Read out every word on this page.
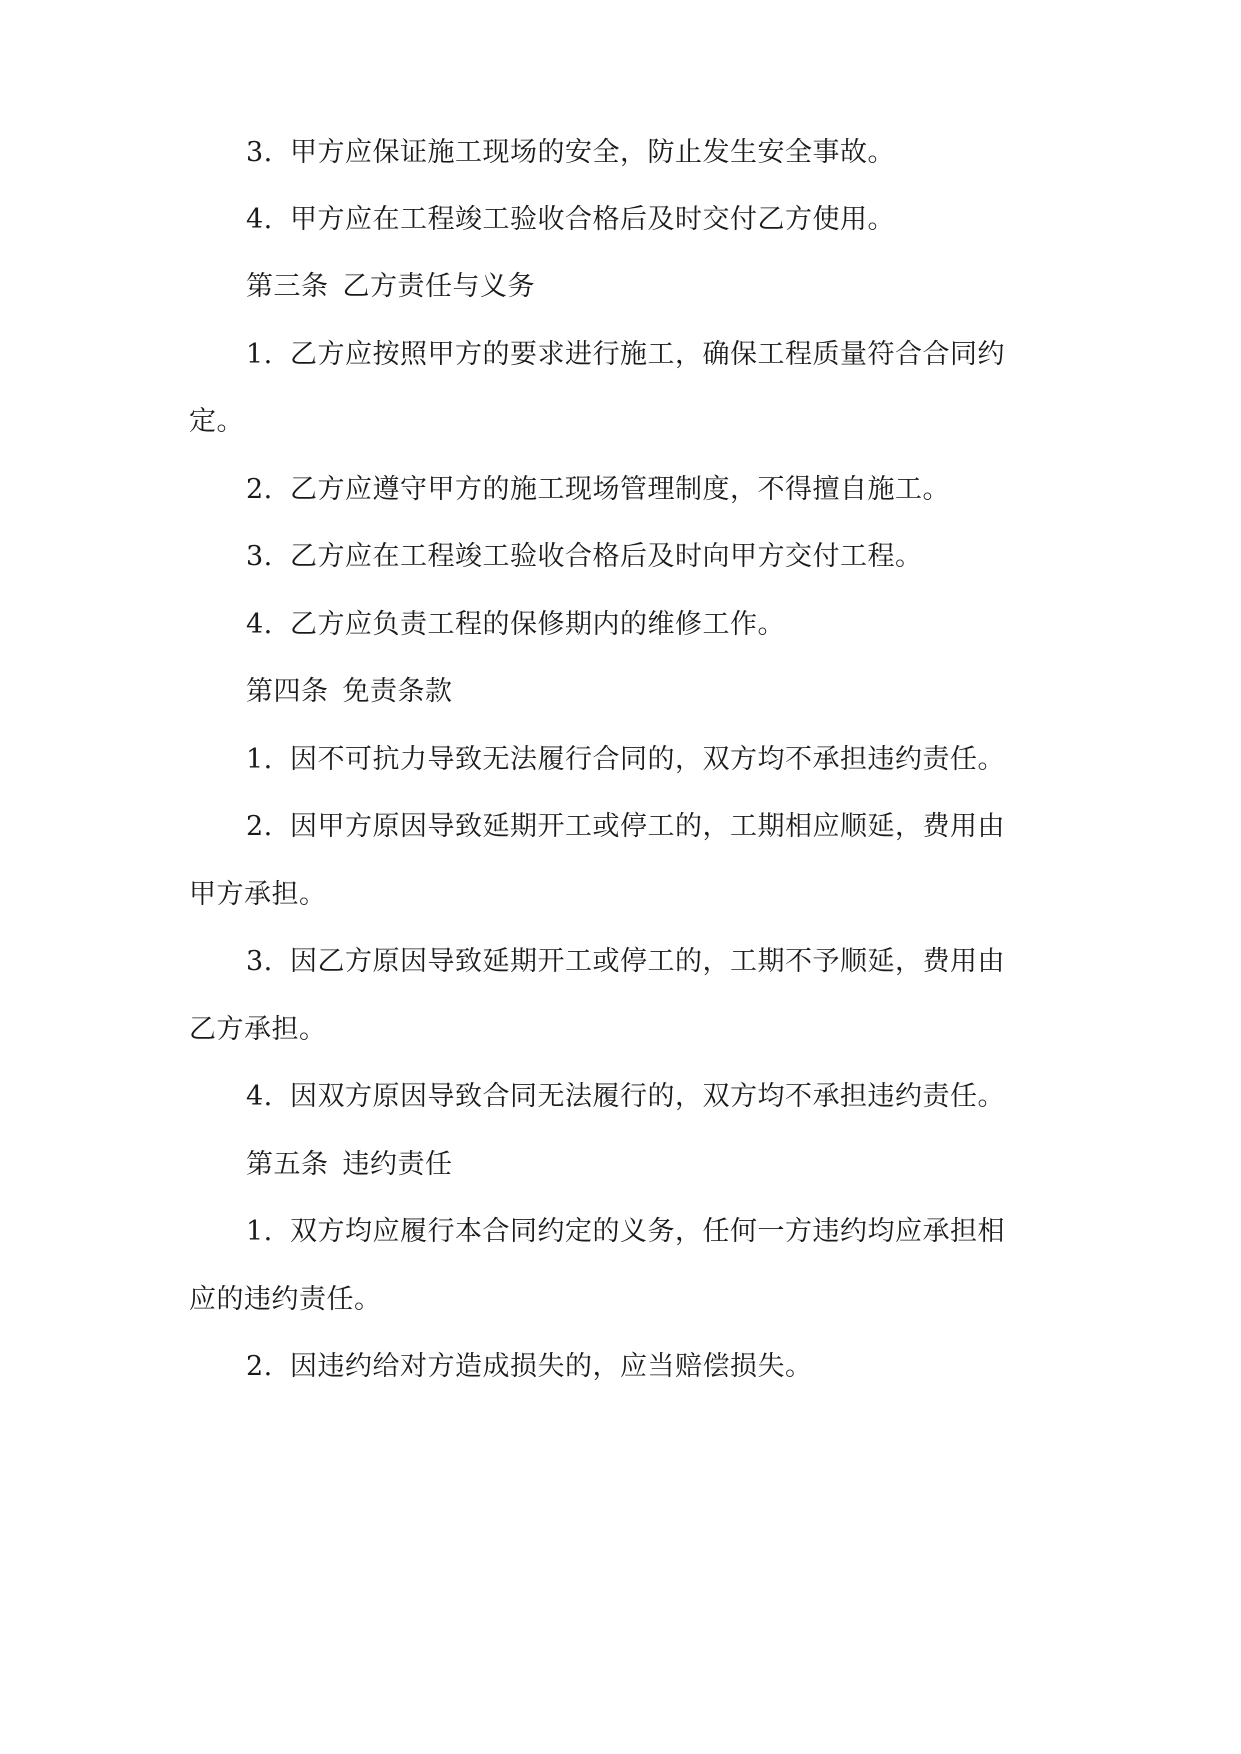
3. 甲方应保证施工现场的安全，防止发生安全事故。
4. 甲方应在工程竣工验收合格后及时交付乙方使用。
第三条 乙方责任与义务
1. 乙方应按照甲方的要求进行施工，确保工程质量符合合同约
定。
2. 乙方应遵守甲方的施工现场管理制度，不得擅自施工。
3. 乙方应在工程竣工验收合格后及时向甲方交付工程。
4. 乙方应负责工程的保修期内的维修工作。
第四条 免责条款
1. 因不可抗力导致无法履行合同的，双方均不承担违约责任。
2. 因甲方原因导致延期开工或停工的，工期相应顺延，费用由
甲方承担。
3. 因乙方原因导致延期开工或停工的，工期不予顺延，费用由
乙方承担。
4. 因双方原因导致合同无法履行的，双方均不承担违约责任。
第五条 违约责任
1. 双方均应履行本合同约定的义务，任何一方违约均应承担相
应的违约责任。
2. 因违约给对方造成损失的，应当赔偿损失。
